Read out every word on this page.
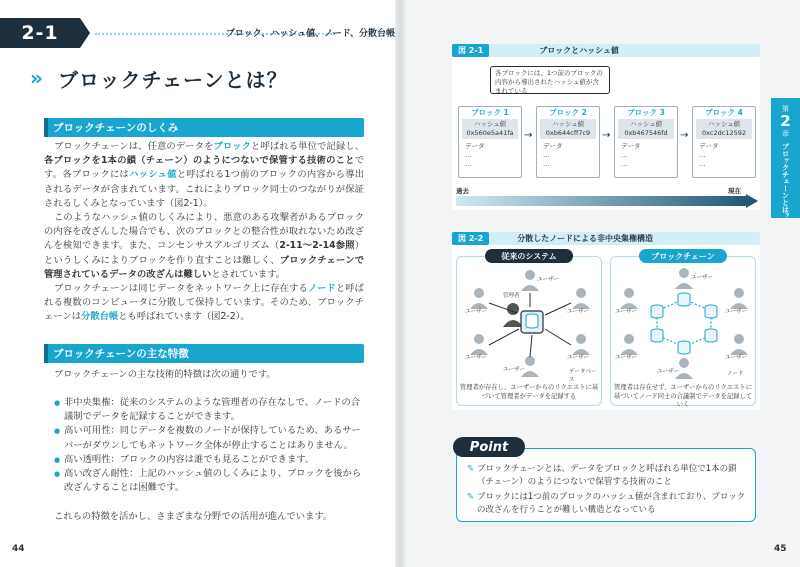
2-1	ブロック、ハッシュ値、ノード、分散台帳
» ブロックチェーンとは？
ブロックチェーンのしくみ
ブロックチェーンは、任意のデータをブロックと呼ばれる単位で記録し、各ブロックを1本の鎖（チェーン）のようにつないで保管する技術のことです。各ブロックにはハッシュ値と呼ばれる1つ前のブロックの内容から導出されるデータが含まれています。これによりブロック同士のつながりが保証されるしくみとなっています（図2-1）。
このようなハッシュ値のしくみにより、悪意のある攻撃者があるブロックの内容を改ざんした場合でも、次のブロックとの整合性が取れないため改ざんを検知できます。また、コンセンサスアルゴリズム（2-11〜2-14参照）というしくみによりブロックを作り直すことは難しく、ブロックチェーンで管理されているデータの改ざんは難しいとされています。
ブロックチェーンは同じデータをネットワーク上に存在するノードと呼ばれる複数のコンピュータに分散して保持しています。そのため、ブロックチェーンは分散台帳とも呼ばれています（図2-2）。
ブロックチェーンの主な特徴
ブロックチェーンの主な技術的特徴は次の通りです。
● 非中央集権：従来のシステムのような管理者の存在なしで、ノードの合議制でデータを記録することができます。
● 高い可用性：同じデータを複数のノードが保持しているため、あるサーバーがダウンしてもネットワーク全体が停止することはありません。
● 高い透明性：ブロックの内容は誰でも見ることができます。
● 高い改ざん耐性：上記のハッシュ値のしくみにより、ブロックを後から改ざんすることは困難です。
これらの特徴を活かし、さまざまな分野での活用が進んでいます。
44
図 2-1	ブロックとハッシュ値
各ブロックには、1つ前のブロックの内容から導出されたハッシュ値が含まれている
ブロック 1
ハッシュ値
0x560e5a41fa
データ
…
…
→
ブロック 2
ハッシュ値
0xb644cff7c9
データ
…
…
→
ブロック 3
ハッシュ値
0xb467546fd
データ
…
…
→
ブロック 4
ハッシュ値
0xc2dc12592
データ
…
…
過去	現在
第
2
章
ブロックチェーンとは？
図 2-2	分散したノードによる非中央集権構造
従来のシステム
管理者
ユーザー
ユーザー	ユーザー
ユーザー	ユーザー
ユーザー	データベース
ブロックチェーン
ユーザー
ユーザー	ユーザー
ユーザー	ユーザー
ユーザー	ノード
管理者が存在し、ユーザーからのリクエストに基づいて管理者がデータを記録する
管理者は存在せず、ユーザーからのリクエストに基づいてノード同士の合議制でデータを記録していく
Point
✎ ブロックチェーンとは、データをブロックと呼ばれる単位で1本の鎖（チェーン）のようにつないで保管する技術のこと
✎ ブロックには1つ前のブロックのハッシュ値が含まれており、ブロックの改ざんを行うことが難しい構造となっている
45
